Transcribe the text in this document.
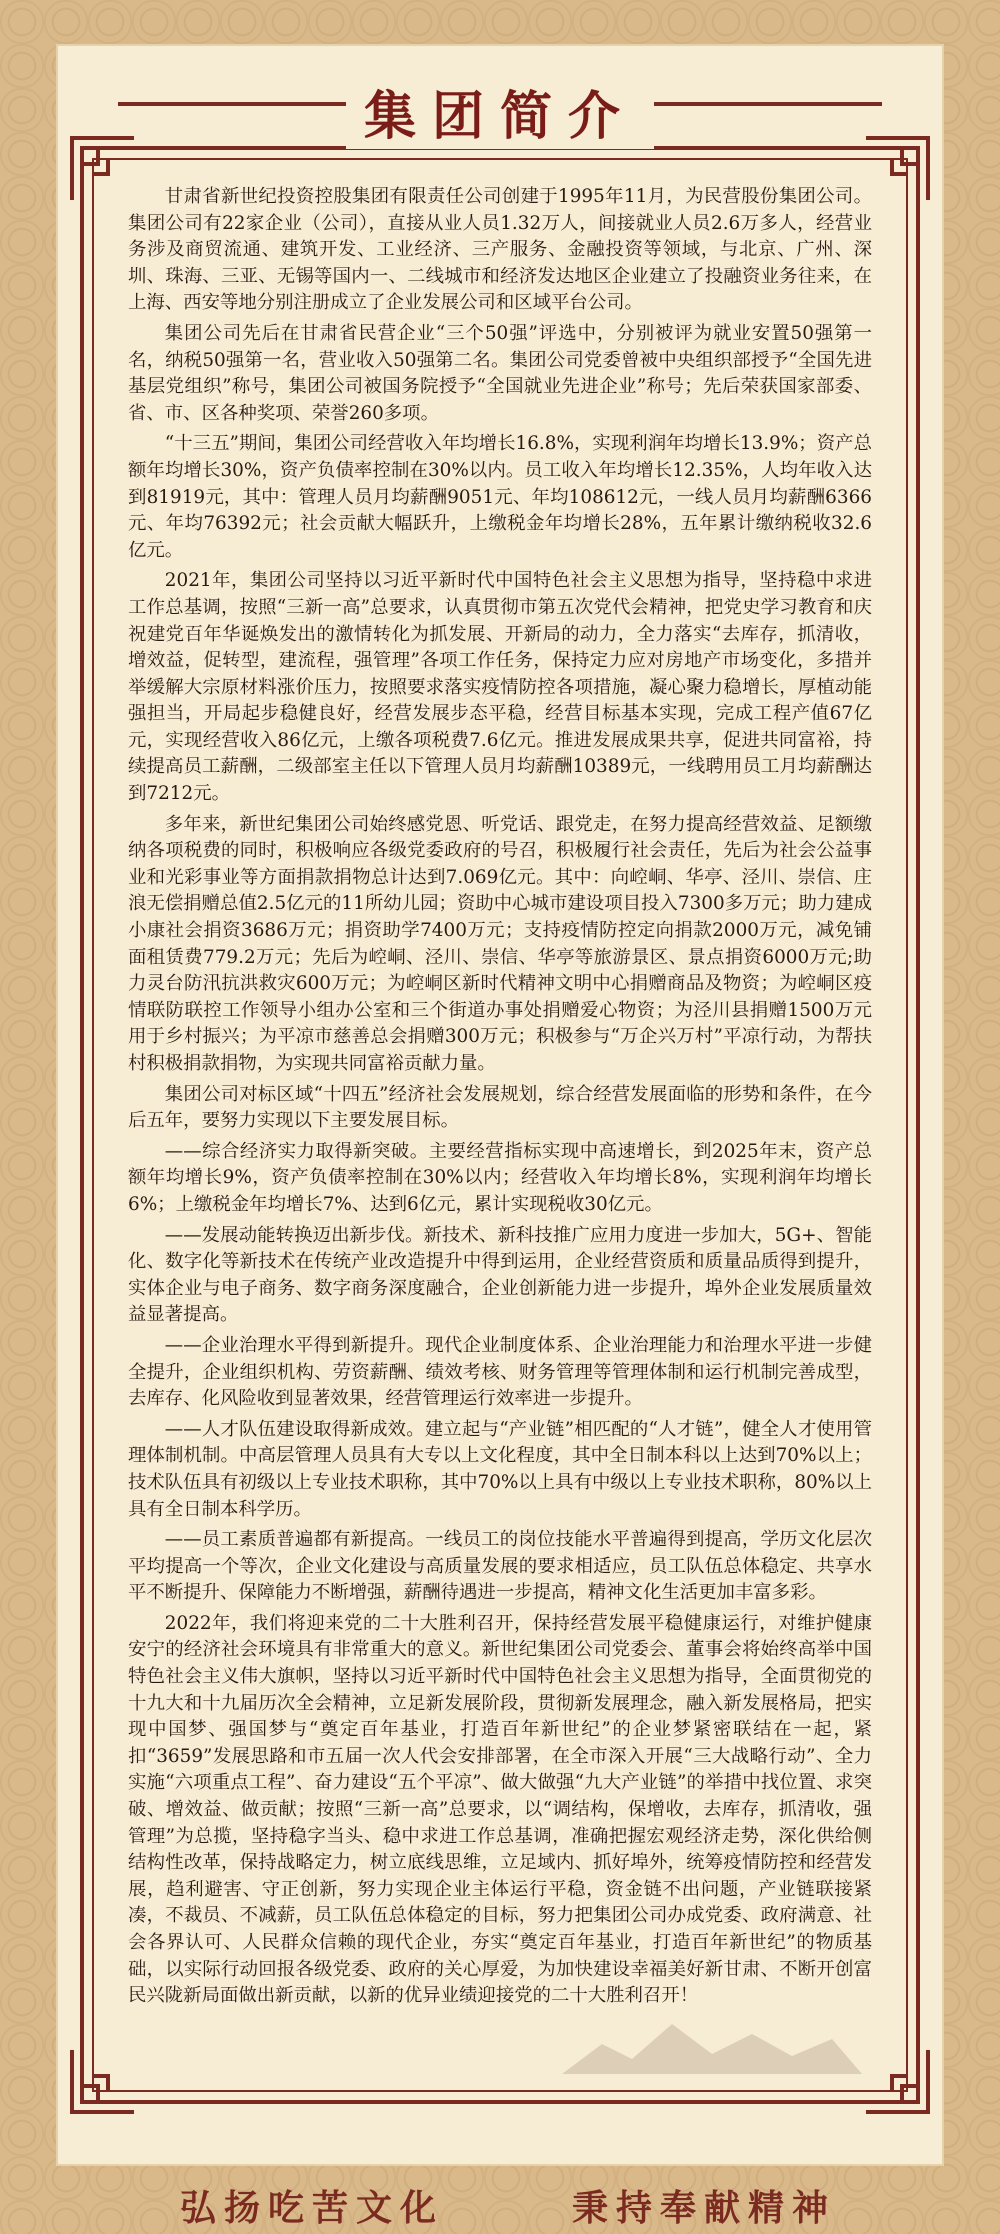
集团简介

甘肃省新世纪投资控股集团有限责任公司创建于1995年11月，为民营股份集团公司。集团公司有22家企业（公司），直接从业人员1.32万人，间接就业人员2.6万多人，经营业务涉及商贸流通、建筑开发、工业经济、三产服务、金融投资等领域，与北京、广州、深圳、珠海、三亚、无锡等国内一、二线城市和经济发达地区企业建立了投融资业务往来，在上海、西安等地分别注册成立了企业发展公司和区域平台公司。

集团公司先后在甘肃省民营企业“三个50强”评选中，分别被评为就业安置50强第一名，纳税50强第一名，营业收入50强第二名。集团公司党委曾被中央组织部授予“全国先进基层党组织”称号，集团公司被国务院授予“全国就业先进企业”称号；先后荣获国家部委、省、市、区各种奖项、荣誉260多项。

“十三五”期间，集团公司经营收入年均增长16.8%，实现利润年均增长13.9%；资产总额年均增长30%，资产负债率控制在30%以内。员工收入年均增长12.35%，人均年收入达到81919元，其中：管理人员月均薪酬9051元、年均108612元，一线人员月均薪酬6366元、年均76392元；社会贡献大幅跃升，上缴税金年均增长28%，五年累计缴纳税收32.6亿元。

2021年，集团公司坚持以习近平新时代中国特色社会主义思想为指导，坚持稳中求进工作总基调，按照“三新一高”总要求，认真贯彻市第五次党代会精神，把党史学习教育和庆祝建党百年华诞焕发出的激情转化为抓发展、开新局的动力，全力落实“去库存，抓清收，增效益，促转型，建流程，强管理”各项工作任务，保持定力应对房地产市场变化，多措并举缓解大宗原材料涨价压力，按照要求落实疫情防控各项措施，凝心聚力稳增长，厚植动能强担当，开局起步稳健良好，经营发展步态平稳，经营目标基本实现，完成工程产值67亿元，实现经营收入86亿元，上缴各项税费7.6亿元。推进发展成果共享，促进共同富裕，持续提高员工薪酬，二级部室主任以下管理人员月均薪酬10389元，一线聘用员工月均薪酬达到7212元。

多年来，新世纪集团公司始终感党恩、听党话、跟党走，在努力提高经营效益、足额缴纳各项税费的同时，积极响应各级党委政府的号召，积极履行社会责任，先后为社会公益事业和光彩事业等方面捐款捐物总计达到7.069亿元。其中：向崆峒、华亭、泾川、崇信、庄浪无偿捐赠总值2.5亿元的11所幼儿园；资助中心城市建设项目投入7300多万元；助力建成小康社会捐资3686万元；捐资助学7400万元；支持疫情防控定向捐款2000万元，减免铺面租赁费779.2万元；先后为崆峒、泾川、崇信、华亭等旅游景区、景点捐资6000万元;助力灵台防汛抗洪救灾600万元；为崆峒区新时代精神文明中心捐赠商品及物资；为崆峒区疫情联防联控工作领导小组办公室和三个街道办事处捐赠爱心物资；为泾川县捐赠1500万元用于乡村振兴；为平凉市慈善总会捐赠300万元；积极参与“万企兴万村”平凉行动，为帮扶村积极捐款捐物，为实现共同富裕贡献力量。

集团公司对标区域“十四五”经济社会发展规划，综合经营发展面临的形势和条件，在今后五年，要努力实现以下主要发展目标。

——综合经济实力取得新突破。主要经营指标实现中高速增长，到2025年末，资产总额年均增长9%，资产负债率控制在30%以内；经营收入年均增长8%，实现利润年均增长6%；上缴税金年均增长7%、达到6亿元，累计实现税收30亿元。

——发展动能转换迈出新步伐。新技术、新科技推广应用力度进一步加大，5G+、智能化、数字化等新技术在传统产业改造提升中得到运用，企业经营资质和质量品质得到提升，实体企业与电子商务、数字商务深度融合，企业创新能力进一步提升，埠外企业发展质量效益显著提高。

——企业治理水平得到新提升。现代企业制度体系、企业治理能力和治理水平进一步健全提升，企业组织机构、劳资薪酬、绩效考核、财务管理等管理体制和运行机制完善成型，去库存、化风险收到显著效果，经营管理运行效率进一步提升。

——人才队伍建设取得新成效。建立起与“产业链”相匹配的“人才链”，健全人才使用管理体制机制。中高层管理人员具有大专以上文化程度，其中全日制本科以上达到70%以上；技术队伍具有初级以上专业技术职称，其中70%以上具有中级以上专业技术职称，80%以上具有全日制本科学历。

——员工素质普遍都有新提高。一线员工的岗位技能水平普遍得到提高，学历文化层次平均提高一个等次，企业文化建设与高质量发展的要求相适应，员工队伍总体稳定、共享水平不断提升、保障能力不断增强，薪酬待遇进一步提高，精神文化生活更加丰富多彩。

2022年，我们将迎来党的二十大胜利召开，保持经营发展平稳健康运行，对维护健康安宁的经济社会环境具有非常重大的意义。新世纪集团公司党委会、董事会将始终高举中国特色社会主义伟大旗帜，坚持以习近平新时代中国特色社会主义思想为指导，全面贯彻党的十九大和十九届历次全会精神，立足新发展阶段，贯彻新发展理念，融入新发展格局，把实现中国梦、强国梦与“奠定百年基业，打造百年新世纪”的企业梦紧密联结在一起，紧扣“3659”发展思路和市五届一次人代会安排部署，在全市深入开展“三大战略行动”、全力实施“六项重点工程”、奋力建设“五个平凉”、做大做强“九大产业链”的举措中找位置、求突破、增效益、做贡献；按照“三新一高”总要求，以“调结构，保增收，去库存，抓清收，强管理”为总揽，坚持稳字当头、稳中求进工作总基调，准确把握宏观经济走势，深化供给侧结构性改革，保持战略定力，树立底线思维，立足域内、抓好埠外，统筹疫情防控和经营发展，趋利避害、守正创新，努力实现企业主体运行平稳，资金链不出问题，产业链联接紧凑，不裁员、不减薪，员工队伍总体稳定的目标，努力把集团公司办成党委、政府满意、社会各界认可、人民群众信赖的现代企业，夯实“奠定百年基业，打造百年新世纪”的物质基础，以实际行动回报各级党委、政府的关心厚爱，为加快建设幸福美好新甘肃、不断开创富民兴陇新局面做出新贡献，以新的优异业绩迎接党的二十大胜利召开！

弘扬吃苦文化	秉持奉献精神
